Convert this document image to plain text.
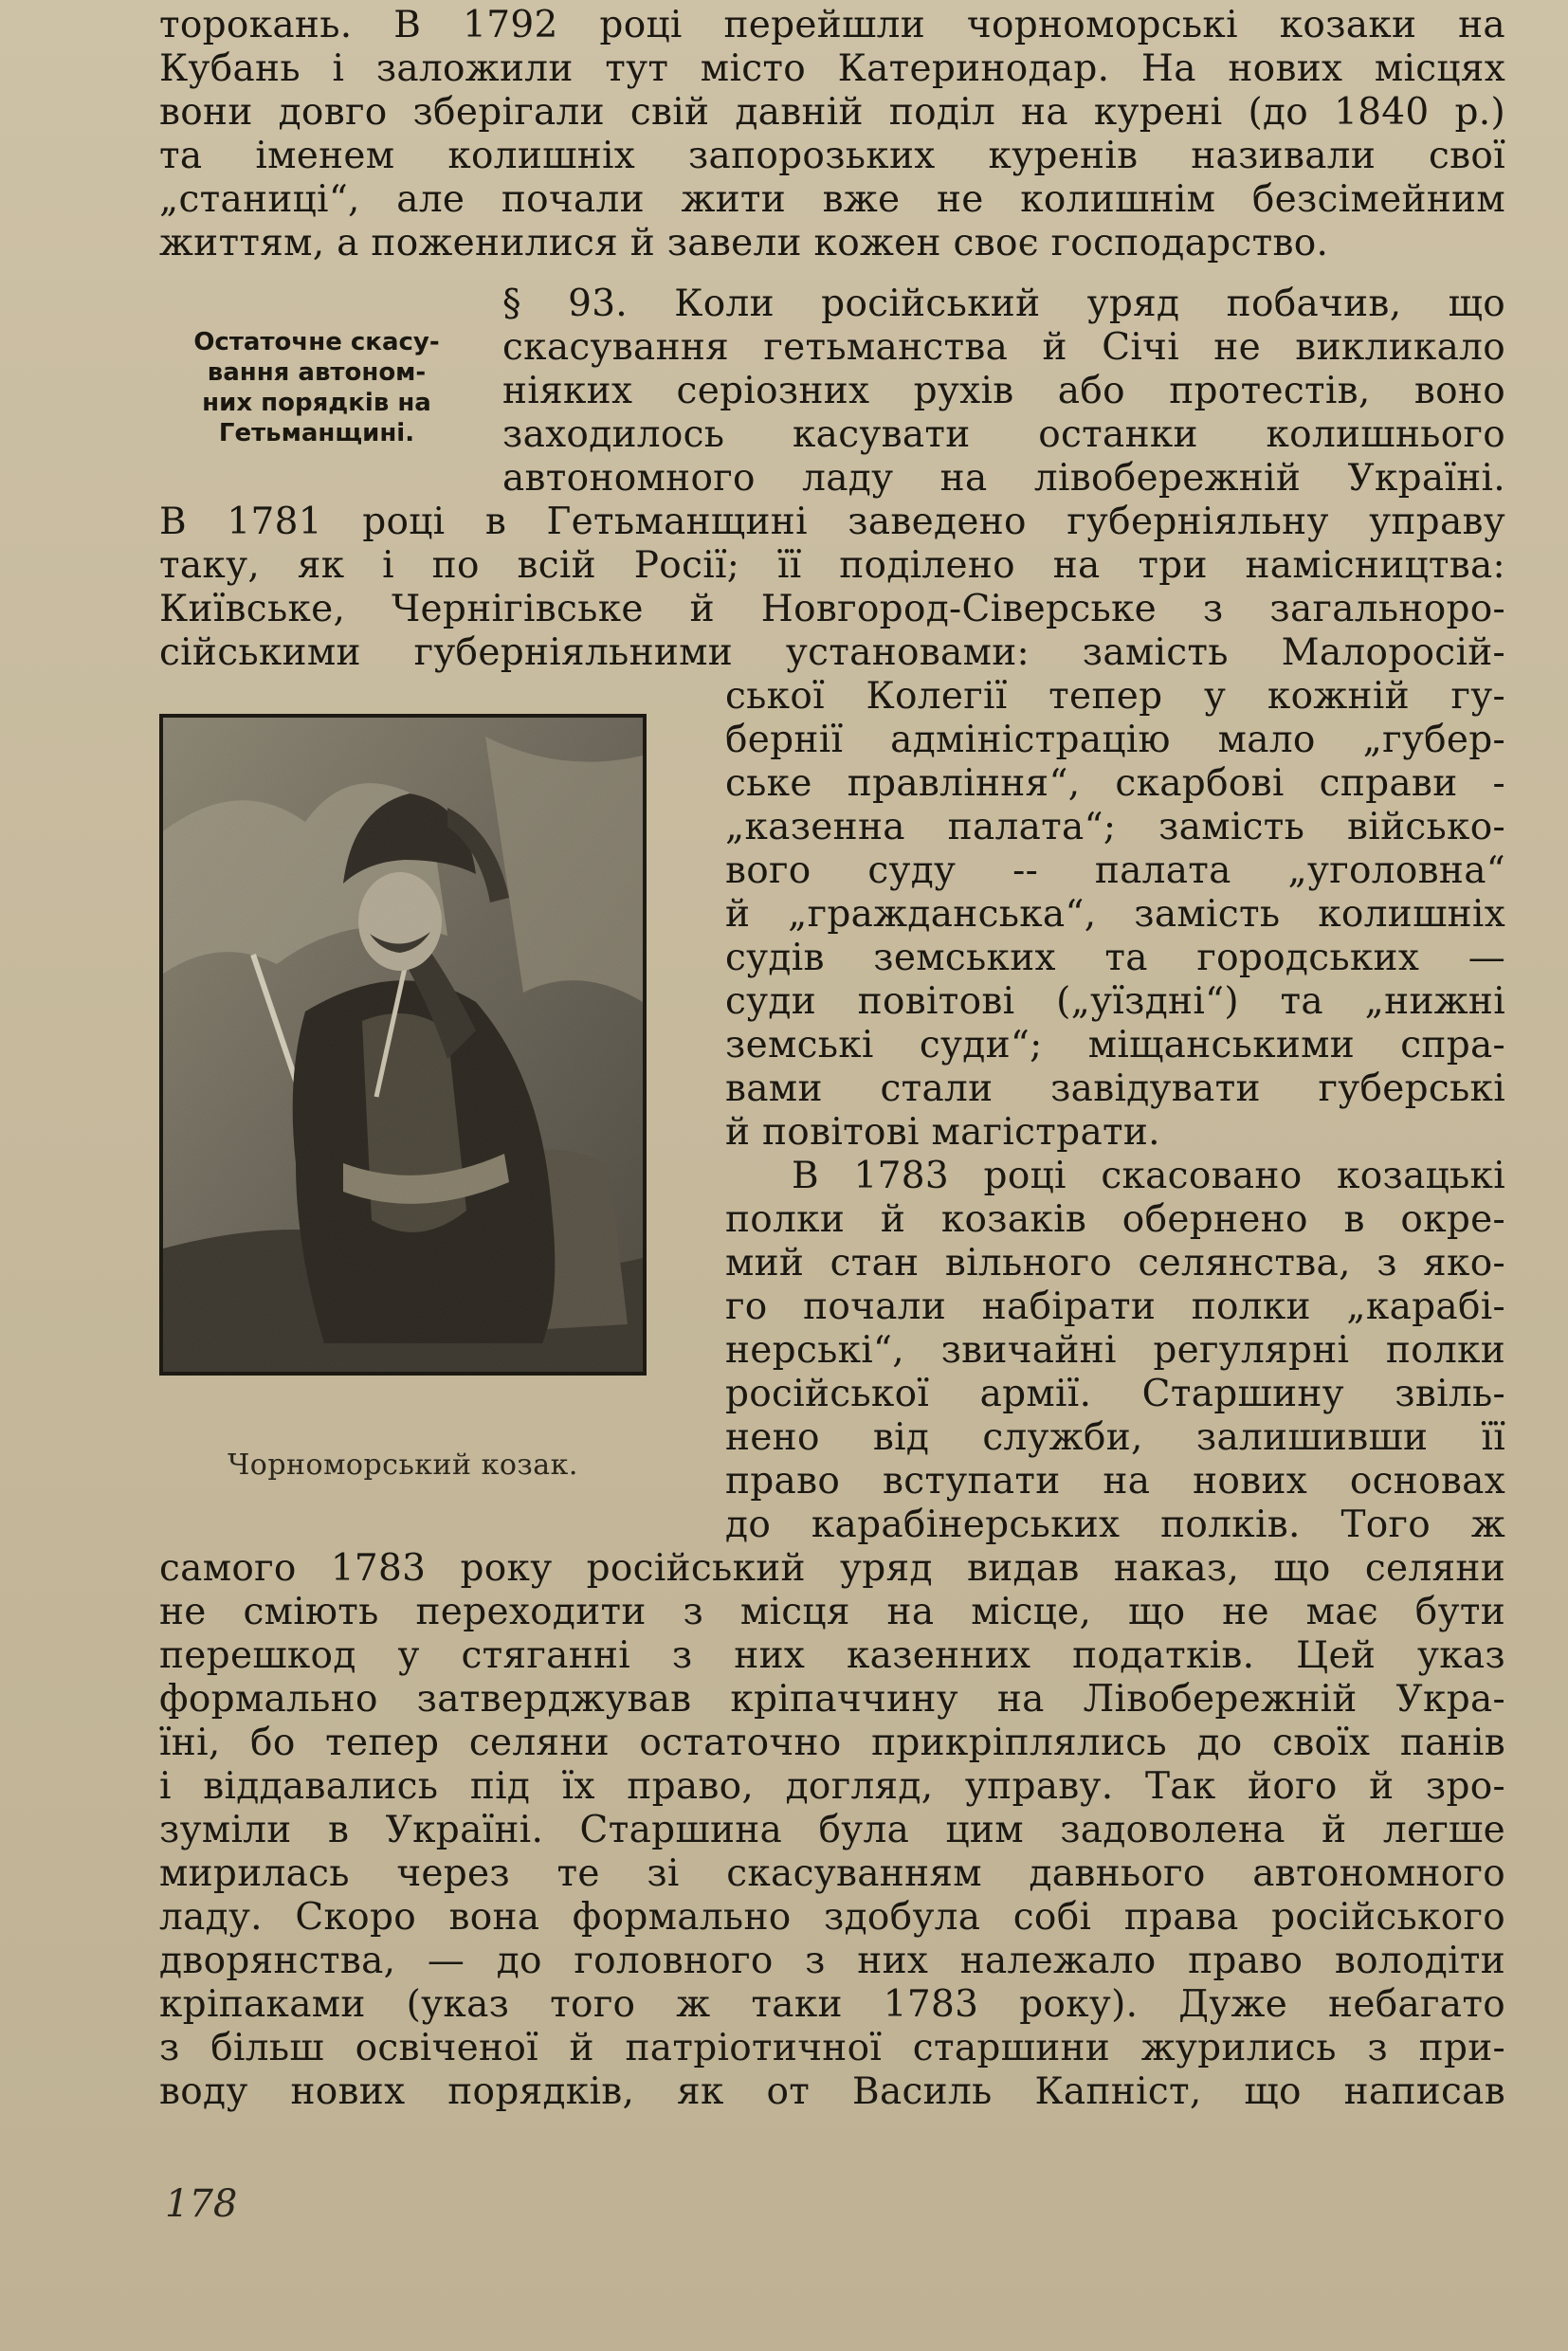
торокань. В 1792 році перейшли чорноморські козаки на
Кубань і заложили тут місто Катеринодар. На нових місцях
вони довго зберігали свій давній поділ на курені (до 1840 р.)
та іменем колишніх запорозьких куренів називали свої
„станиці“, але почали жити вже не колишнім безсімейним
життям, а поженилися й завели кожен своє господарство.
§ 93. Коли російський уряд побачив, що
скасування гетьманства й Січі не викликало
ніяких серіозних рухів або протестів, воно
заходилось касувати останки колишнього
автономного ладу на лівобережній Україні.
В 1781 році в Гетьманщині заведено губерніяльну управу
таку, як і по всій Росії; її поділено на три намісництва:
Київське, Чернігівське й Новгород-Сіверське з загальноро-
сійськими губерніяльними установами: замість Малоросій-
ської Колегії тепер у кожній гу-
бернії адміністрацію мало „губер-
ське правління“, скарбові справи -
„казенна палата“; замість військо-
вого суду -- палата „уголовна“
й „гражданська“, замість колишніх
судів земських та городських —
суди повітові („уїздні“) та „нижні
земські суди“; міщанськими спра-
вами стали завідувати губерські
й повітові магістрати.
В 1783 році скасовано козацькі
полки й козаків обернено в окре-
мий стан вільного селянства, з яко-
го почали набірати полки „карабі-
нерські“, звичайні регулярні полки
російської армії. Старшину звіль-
нено від служби, залишивши її
право вступати на нових основах
до карабінерських полків. Того ж
самого 1783 року російський уряд видав наказ, що селяни
не сміють переходити з місця на місце, що не має бути
перешкод у стяганні з них казенних податків. Цей указ
формально затверджував кріпаччину на Лівобережній Укра-
їні, бо тепер селяни остаточно прикріплялись до своїх панів
і віддавались під їх право, догляд, управу. Так його й зро-
зуміли в Україні. Старшина була цим задоволена й легше
мирилась через те зі скасуванням давнього автономного
ладу. Скоро вона формально здобула собі права російського
дворянства, — до головного з них належало право володіти
кріпаками (указ того ж таки 1783 року). Дуже небагато
з більш освіченої й патріотичної старшини журились з при-
воду нових порядків, як от Василь Капніст, що написав
Остаточне скасу-
вання автоном-
них порядків на
Гетьманщині.
Чорноморський козак.
178
